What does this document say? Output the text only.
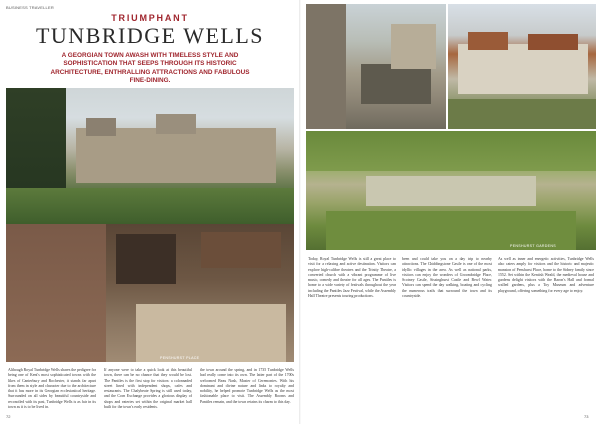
BUSINESS TRAVELLER
TRIUMPHANT
TUNBRIDGE WELLS
A GEORGIAN TOWN AWASH WITH TIMELESS STYLE AND SOPHISTICATION THAT SEEPS THROUGH ITS HISTORIC ARCHITECTURE, ENTHRALLING ATTRACTIONS AND FABULOUS FINE-DINING.
PENSHURST PLACE
Although Royal Tunbridge Wells shares the pedigree for being one of Kent's most sophisticated towns with the likes of Canterbury and Rochester, it stands far apart from them in style and character due to the architecture that it has more in its Georgian ecclesiastical heritage. Surrounded on all sides by beautiful countryside and reconciled with its past, Tunbridge Wells is as fair in its town as it is to be lived in.
If anyone were to take a quick look at this beautiful town, there can be no chance that they would be lost. The Pantiles is the first stop for visitors: a colonnaded street lined with independent shops, cafes and restaurants. The Chalybeate Spring is still used today, and the Corn Exchange provides a glorious display of shops and eateries set within the original market hall built for the town's early residents.
the town around the spring, and in 1735 Tunbridge Wells had really come into its own. The latter part of the 1700s welcomed Beau Nash, Master of Ceremonies. With his dominant and divine nature and links to royalty and nobility, he helped promote Tunbridge Wells as the most fashionable place to visit. The Assembly Rooms and Pantiles remain, and the town retains its charm to this day.
72
PENSHURST GARDENS
Today, Royal Tunbridge Wells is still a great place to visit for a relaxing and active destination. Visitors can explore high-calibre theatres and the Trinity Theatre, a converted church with a vibrant programme of live music, comedy and theatre for all ages. The Pantiles is home to a wide variety of festivals throughout the year including the Pantiles Jazz Festival, while the Assembly Hall Theatre presents touring productions.
been and could take you on a day trip to nearby attractions. The Chiddingstone Castle is one of the most idyllic villages in the area. As well as national parks, visitors can enjoy the wonders of Groombridge Place, Scotney Castle, Sissinghurst Castle and Bewl Water. Visitors can spend the day walking, boating and cycling the numerous trails that surround the town and its countryside.
As well as inner and energetic activities, Tunbridge Wells also caters amply for visitors and the historic and majestic mansion of Penshurst Place, home to the Sidney family since 1552. Set within the Kentish Weald, the medieval house and gardens delight visitors with the Baron's Hall and formal walled gardens, plus a Toy Museum and adventure playground, offering something for every age to enjoy.
73
